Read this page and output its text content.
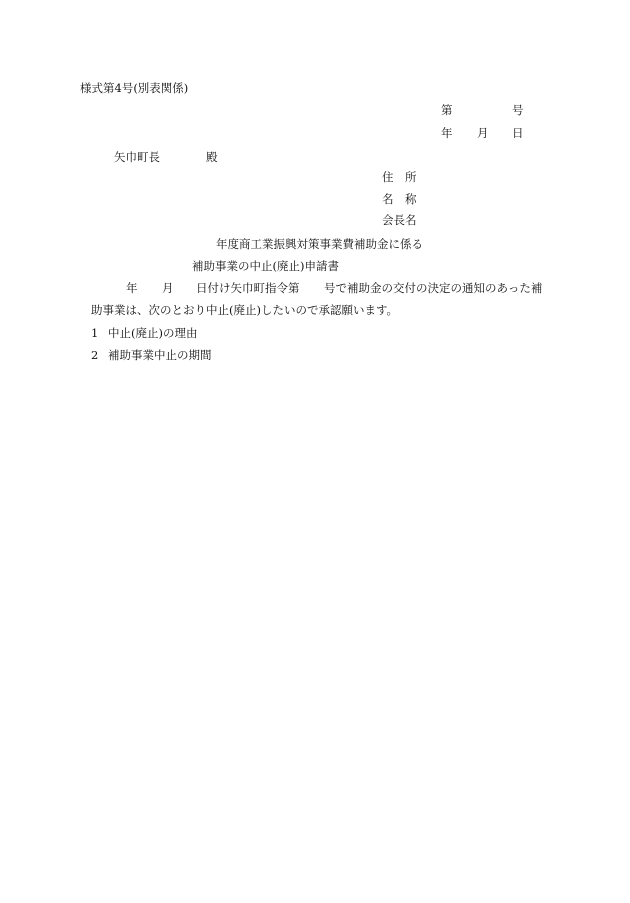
様式第4号(別表関係)
第	号
年 月 日
矢巾町長	殿
住　所
名　称
会長名
年度商工業振興対策事業費補助金に係る
補助事業の中止(廃止)申請書
年 月 日付け矢巾町指令第 号で補助金の交付の決定の通知のあった補
助事業は、次のとおり中止(廃止)したいので承認願います。
1 中止(廃止)の理由
2 補助事業中止の期間
